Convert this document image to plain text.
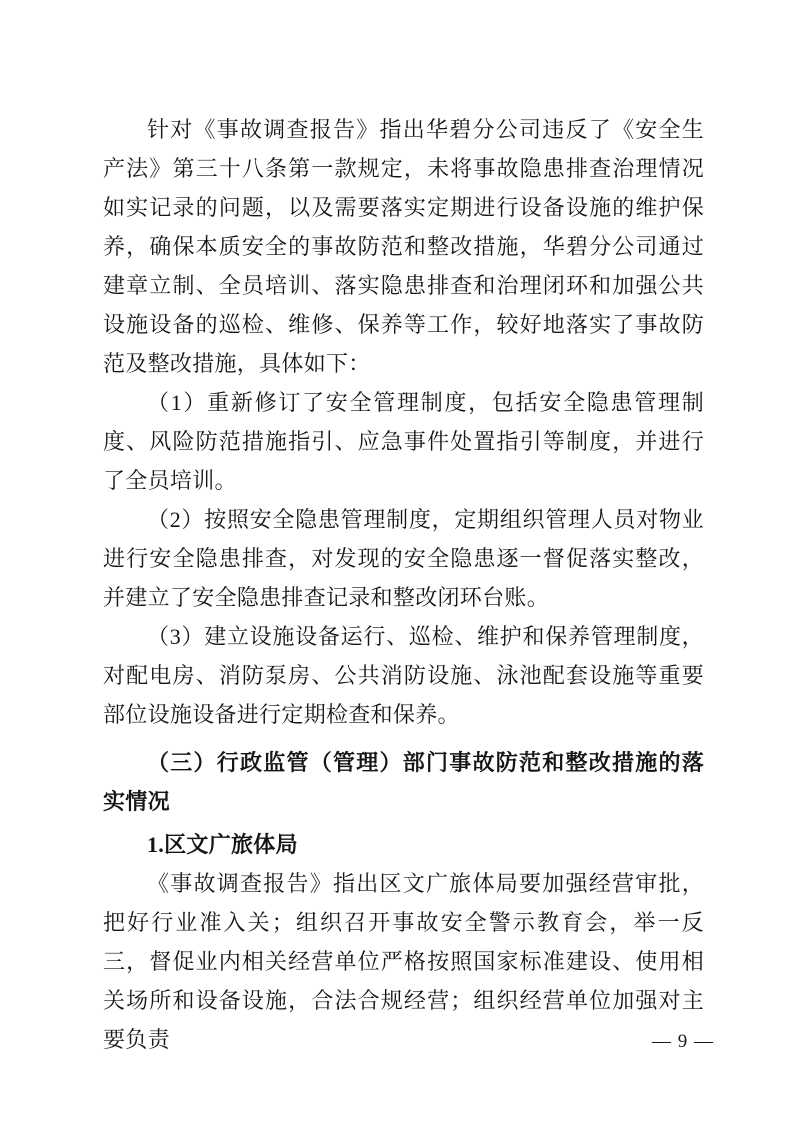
针对《事故调查报告》指出华碧分公司违反了《安全生产法》第三十八条第一款规定，未将事故隐患排查治理情况如实记录的问题，以及需要落实定期进行设备设施的维护保养，确保本质安全的事故防范和整改措施，华碧分公司通过建章立制、全员培训、落实隐患排查和治理闭环和加强公共设施设备的巡检、维修、保养等工作，较好地落实了事故防范及整改措施，具体如下：

（1）重新修订了安全管理制度，包括安全隐患管理制度、风险防范措施指引、应急事件处置指引等制度，并进行了全员培训。

（2）按照安全隐患管理制度，定期组织管理人员对物业进行安全隐患排查，对发现的安全隐患逐一督促落实整改，并建立了安全隐患排查记录和整改闭环台账。

（3）建立设施设备运行、巡检、维护和保养管理制度，对配电房、消防泵房、公共消防设施、泳池配套设施等重要部位设施设备进行定期检查和保养。

（三）行政监管（管理）部门事故防范和整改措施的落实情况

1.区文广旅体局

《事故调查报告》指出区文广旅体局要加强经营审批，把好行业准入关；组织召开事故安全警示教育会，举一反三，督促业内相关经营单位严格按照国家标准建设、使用相关场所和设备设施，合法合规经营；组织经营单位加强对主要负责	— 9 —
